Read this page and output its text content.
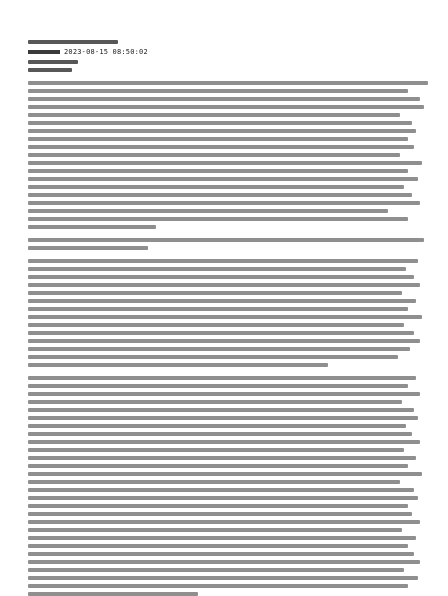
2023-08-15 08:50:02
